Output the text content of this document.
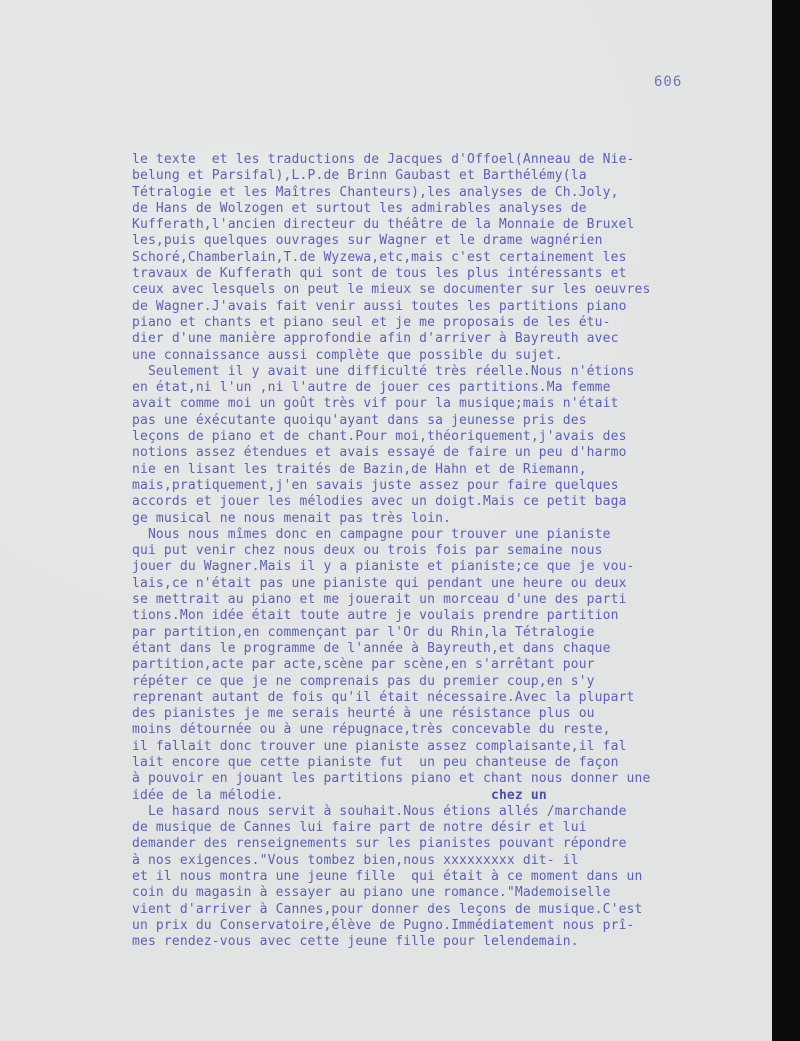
606
le texte  et les traductions de Jacques d'Offoel(Anneau de Nie-
belung et Parsifal),L.P.de Brinn Gaubast et Barthélémy(la
Tétralogie et les Maîtres Chanteurs),les analyses de Ch.Joly,
de Hans de Wolzogen et surtout les admirables analyses de
Kufferath,l'ancien directeur du théâtre de la Monnaie de Bruxel
les,puis quelques ouvrages sur Wagner et le drame wagnérien
Schoré,Chamberlain,T.de Wyzewa,etc,mais c'est certainement les
travaux de Kufferath qui sont de tous les plus intéressants et
ceux avec lesquels on peut le mieux se documenter sur les oeuvres
de Wagner.J'avais fait venir aussi toutes les partitions piano
piano et chants et piano seul et je me proposais de les étu-
dier d'une manière approfondie afin d'arriver à Bayreuth avec
une connaissance aussi complète que possible du sujet.
Seulement il y avait une difficulté très réelle.Nous n'étions
en état,ni l'un ,ni l'autre de jouer ces partitions.Ma femme
avait comme moi un goût très vif pour la musique;mais n'était
pas une éxécutante quoiqu'ayant dans sa jeunesse pris des
leçons de piano et de chant.Pour moi,théoriquement,j'avais des
notions assez étendues et avais essayé de faire un peu d'harmo
nie en lisant les traités de Bazin,de Hahn et de Riemann,
mais,pratiquement,j'en savais juste assez pour faire quelques
accords et jouer les mélodies avec un doigt.Mais ce petit baga
ge musical ne nous menait pas très loin.
Nous nous mîmes donc en campagne pour trouver une pianiste
qui put venir chez nous deux ou trois fois par semaine nous
jouer du Wagner.Mais il y a pianiste et pianiste;ce que je vou-
lais,ce n'était pas une pianiste qui pendant une heure ou deux
se mettrait au piano et me jouerait un morceau d'une des parti
tions.Mon idée était toute autre je voulais prendre partition
par partition,en commençant par l'Or du Rhin,la Tétralogie
étant dans le programme de l'année à Bayreuth,et dans chaque
partition,acte par acte,scène par scène,en s'arrêtant pour
répéter ce que je ne comprenais pas du premier coup,en s'y
reprenant autant de fois qu'il était nécessaire.Avec la plupart
des pianistes je me serais heurté à une résistance plus ou
moins détournée ou à une répugnace,très concevable du reste,
il fallait donc trouver une pianiste assez complaisante,il fal
lait encore que cette pianiste fut  un peu chanteuse de façon
à pouvoir en jouant les partitions piano et chant nous donner une
idée de la mélodie.	chez un
Le hasard nous servit à souhait.Nous étions allés /marchande
de musique de Cannes lui faire part de notre désir et lui
demander des renseignements sur les pianistes pouvant répondre
à nos exigences."Vous tombez bien,nous xxxxxxxxx dit- il
et il nous montra une jeune fille  qui était à ce moment dans un
coin du magasin à essayer au piano une romance."Mademoiselle
vient d'arriver à Cannes,pour donner des leçons de musique.C'est
un prix du Conservatoire,élève de Pugno.Immédiatement nous prî-
mes rendez-vous avec cette jeune fille pour lelendemain.
